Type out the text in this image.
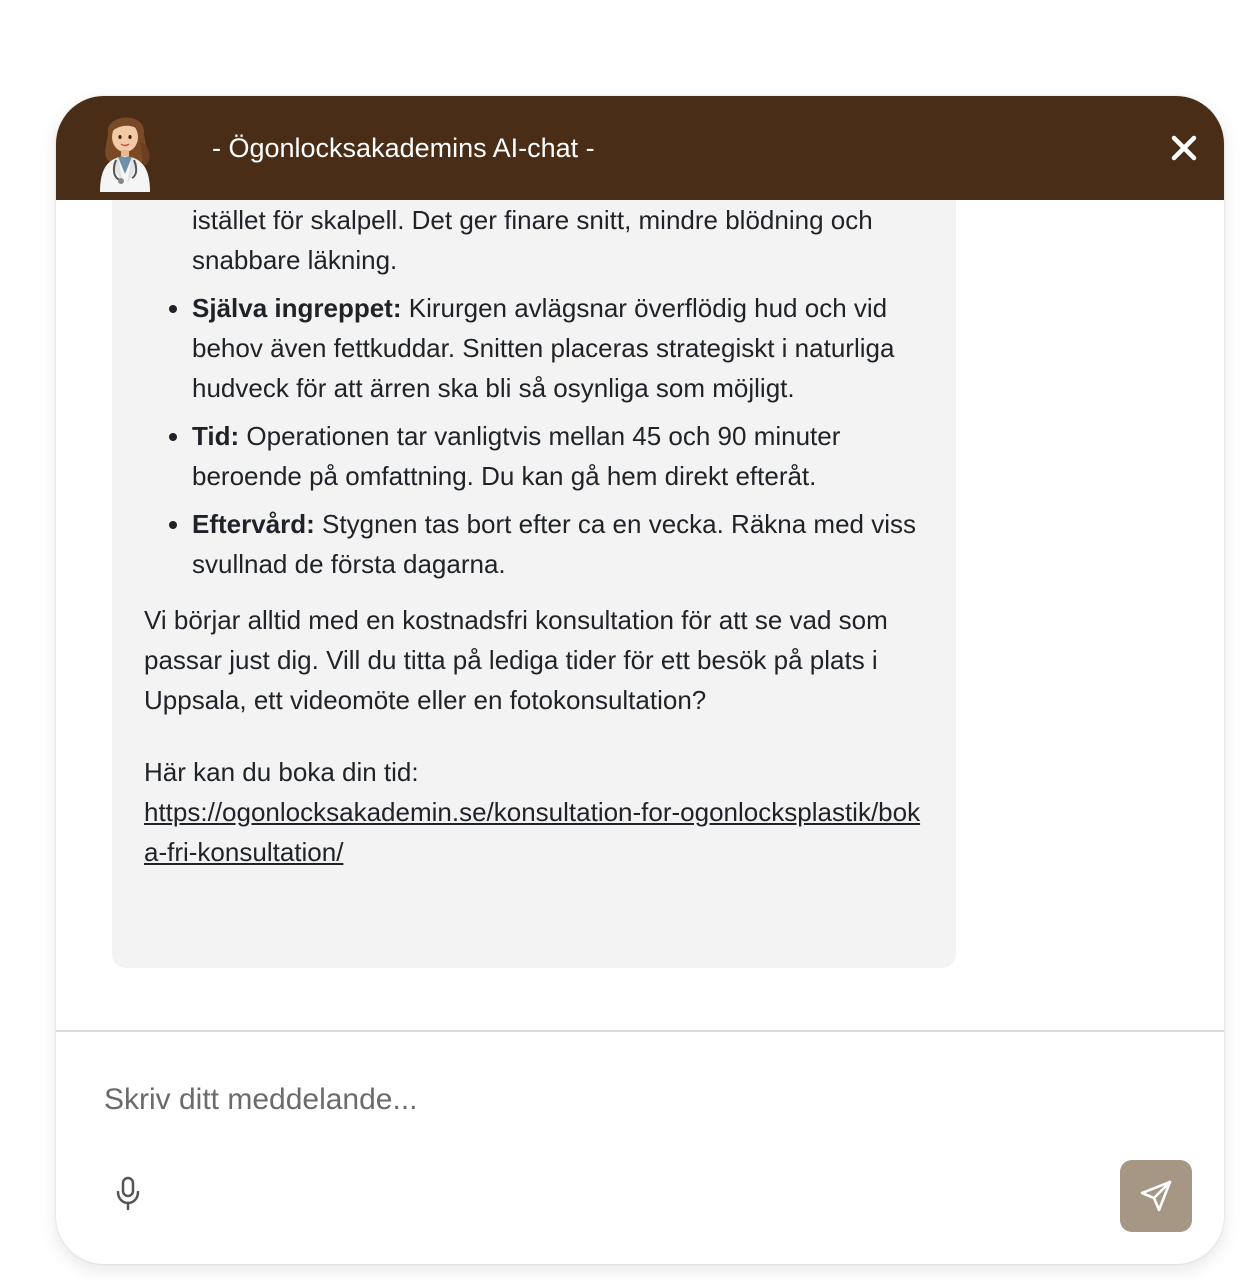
- Ögonlocksakademins AI-chat -
istället för skalpell. Det ger finare snitt, mindre blödning och snabbare läkning.
• Själva ingreppet: Kirurgen avlägsnar överflödig hud och vid behov även fettkuddar. Snitten placeras strategiskt i naturliga hudveck för att ärren ska bli så osynliga som möjligt.
• Tid: Operationen tar vanligtvis mellan 45 och 90 minuter beroende på omfattning. Du kan gå hem direkt efteråt.
• Eftervård: Stygnen tas bort efter ca en vecka. Räkna med viss svullnad de första dagarna.

Vi börjar alltid med en kostnadsfri konsultation för att se vad som passar just dig. Vill du titta på lediga tider för ett besök på plats i Uppsala, ett videomöte eller en fotokonsultation?

Här kan du boka din tid:
https://ogonlocksakademin.se/konsultation-for-ogonlocksplastik/boka-fri-konsultation/

Skriv ditt meddelande...
